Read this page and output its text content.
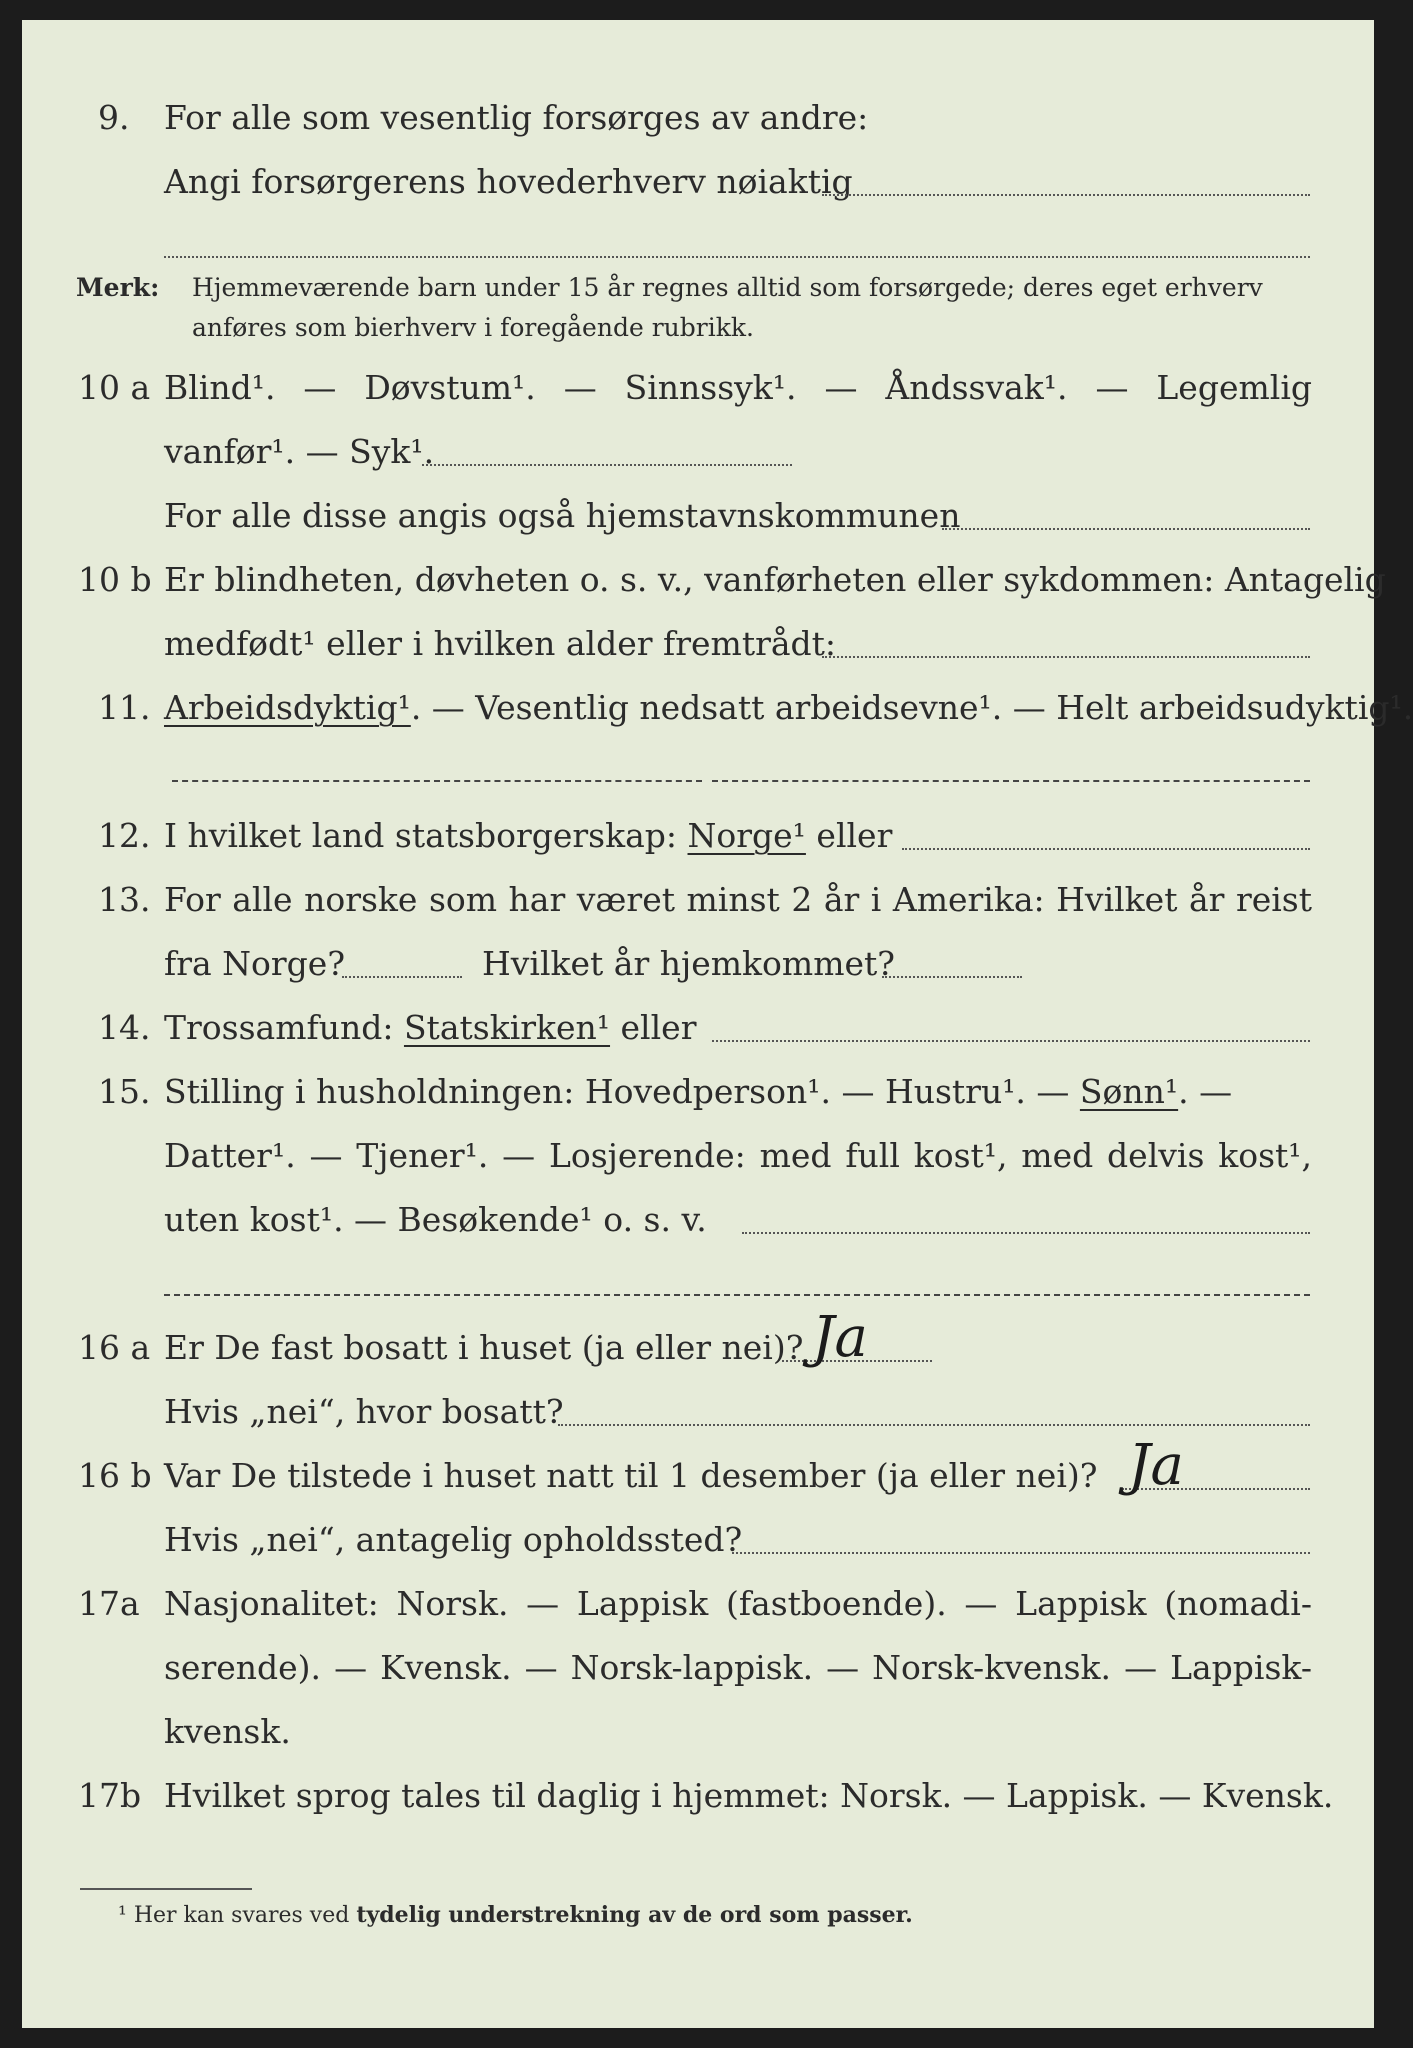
9. For alle som vesentlig forsørges av andre:
Angi forsørgerens hovederhverv nøiaktig
Merk: Hjemmeværende barn under 15 år regnes alltid som forsørgede; deres eget erhverv anføres som bierhverv i foregående rubrikk.
10 a Blind¹. — Døvstum¹. — Sinnssyk¹. — Åndssvak¹. — Legemlig
vanfør¹. — Syk¹.
For alle disse angis også hjemstavnskommunen
10 b Er blindheten, døvheten o. s. v., vanførheten eller sykdommen: Antagelig
medfødt¹ eller i hvilken alder fremtrådt:
11. Arbeidsdyktig¹. — Vesentlig nedsatt arbeidsevne¹. — Helt arbeidsudyktig¹.
12. I hvilket land statsborgerskap: Norge¹ eller
13. For alle norske som har været minst 2 år i Amerika: Hvilket år reist
fra Norge?	Hvilket år hjemkommet?
14. Trossamfund: Statskirken¹ eller
15. Stilling i husholdningen: Hovedperson¹. — Hustru¹. — Sønn¹. —
Datter¹. — Tjener¹. — Losjerende: med full kost¹, med delvis kost¹,
uten kost¹. — Besøkende¹ o. s. v.
16 a Er De fast bosatt i huset (ja eller nei)? Ja
Hvis „nei“, hvor bosatt?
16 b Var De tilstede i huset natt til 1 desember (ja eller nei)? Ja
Hvis „nei“, antagelig opholdssted?
17a Nasjonalitet: Norsk. — Lappisk (fastboende). — Lappisk (nomadi-
serende). — Kvensk. — Norsk-lappisk. — Norsk-kvensk. — Lappisk-
kvensk.
17b Hvilket sprog tales til daglig i hjemmet: Norsk. — Lappisk. — Kvensk.
¹ Her kan svares ved tydelig understrekning av de ord som passer.
